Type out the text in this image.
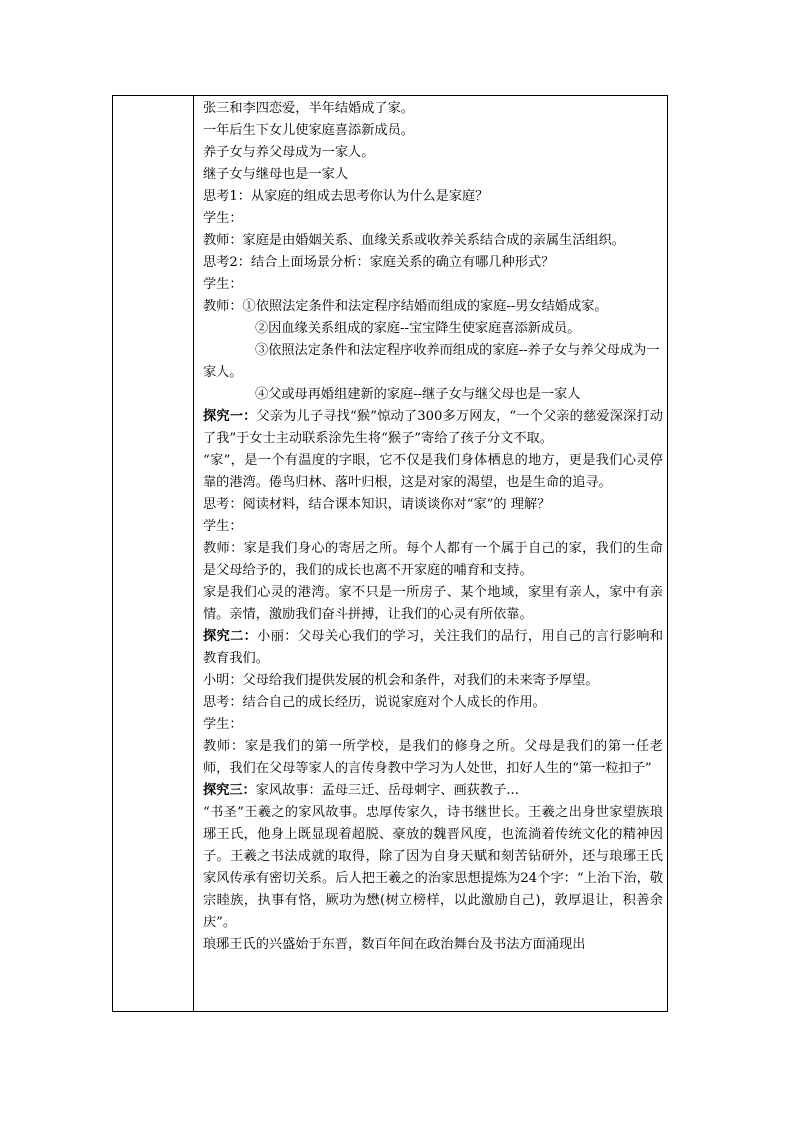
张三和李四恋爱，半年结婚成了家。

一年后生下女儿使家庭喜添新成员。

养子女与养父母成为一家人。

继子女与继母也是一家人

思考1：从家庭的组成去思考你认为什么是家庭？

学生：

教师：家庭是由婚姻关系、血缘关系或收养关系结合成的亲属生活组织。

思考2：结合上面场景分析：家庭关系的确立有哪几种形式？

学生：

教师：①依照法定条件和法定程序结婚而组成的家庭--男女结婚成家。

②因血缘关系组成的家庭--宝宝降生使家庭喜添新成员。

③依照法定条件和法定程序收养而组成的家庭--养子女与养父母成为一家人。

④父或母再婚组建新的家庭--继子女与继父母也是一家人

探究一：父亲为儿子寻找“猴”惊动了300多万网友，“一个父亲的慈爱深深打动了我”于女士主动联系涂先生将“猴子”寄给了孩子分文不取。

“家”，是一个有温度的字眼，它不仅是我们身体栖息的地方，更是我们心灵停靠的港湾。倦鸟归林、落叶归根，这是对家的渴望，也是生命的追寻。

思考：阅读材料，结合课本知识，请谈谈你对“家”的 理解？

学生：

教师：家是我们身心的寄居之所。每个人都有一个属于自己的家，我们的生命是父母给予的，我们的成长也离不开家庭的哺育和支持。

家是我们心灵的港湾。家不只是一所房子、某个地域，家里有亲人，家中有亲情。亲情，激励我们奋斗拼搏，让我们的心灵有所依靠。

探究二：小丽：父母关心我们的学习，关注我们的品行，用自己的言行影响和教育我们。

小明：父母给我们提供发展的机会和条件，对我们的未来寄予厚望。

思考：结合自己的成长经历，说说家庭对个人成长的作用。

学生：

教师：家是我们的第一所学校，是我们的修身之所。父母是我们的第一任老师，我们在父母等家人的言传身教中学习为人处世，扣好人生的“第一粒扣子”

探究三：家风故事：孟母三迁、岳母刺字、画荻教子...

“书圣”王羲之的家风故事。忠厚传家久，诗书继世长。王羲之出身世家望族琅琊王氏，他身上既显现着超脱、豪放的魏晋风度，也流淌着传统文化的精神因子。王羲之书法成就的取得，除了因为自身天赋和刻苦钻研外，还与琅琊王氏家风传承有密切关系。后人把王羲之的治家思想提炼为24个字：“上治下治，敬宗睦族，执事有恪，厥功为懋(树立榜样，以此激励自己)，敦厚退让，积善余庆”。

琅琊王氏的兴盛始于东晋，数百年间在政治舞台及书法方面涌现出
